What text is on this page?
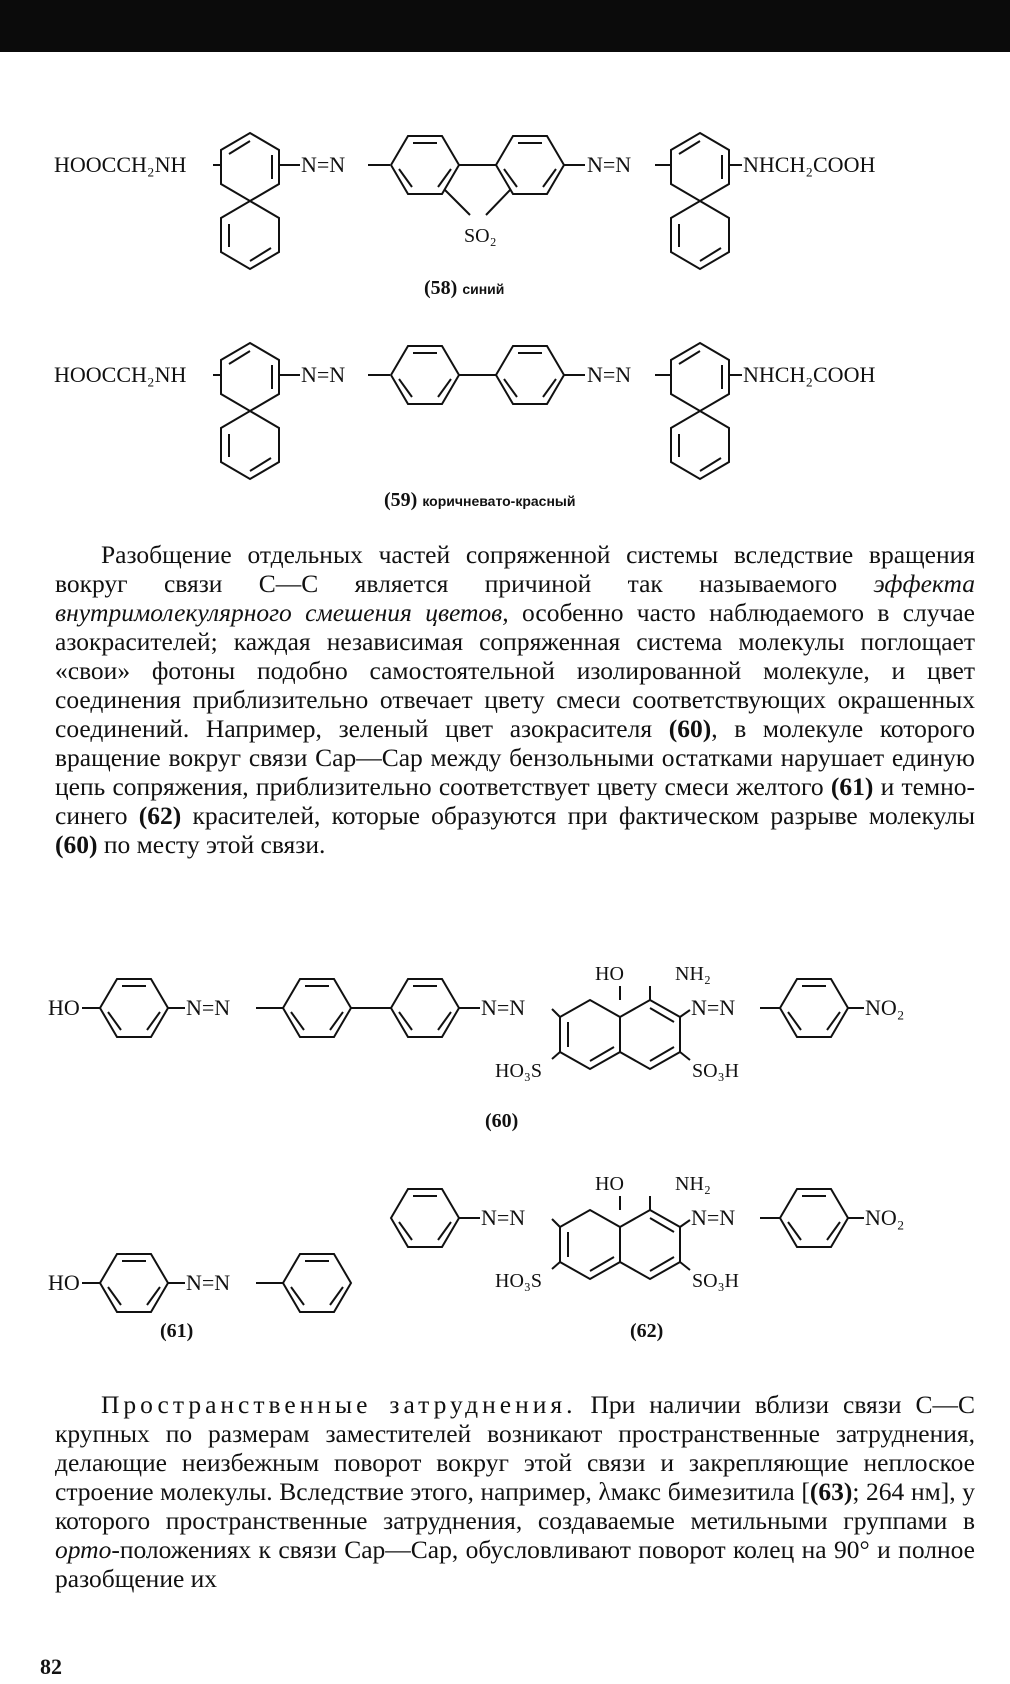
HOOCCH₂NH	N=N
SO₂
N=N	NHCH₂COOH
(58) синий
HOOCCH₂NH	N=N	N=N	NHCH₂COOH
(59) коричневато-красный

Разобщение отдельных частей сопряженной системы вследствие вращения вокруг связи С—С является причиной так называемого эффекта внутримолекулярного смешения цветов, особенно часто наблюдаемого в случае азокрасителей; каждая независимая сопряженная система молекулы поглощает «свои» фотоны подобно самостоятельной изолированной молекуле, и цвет соединения приблизительно отвечает цвету смеси соответствующих окрашенных соединений. Например, зеленый цвет азокрасителя (60), в молекуле которого вращение вокруг связи Cар—Cар между бензольными остатками нарушает единую цепь сопряжения, приблизительно соответствует цвету смеси желтого (61) и темно-синего (62) красителей, которые образуются при фактическом разрыве молекулы (60) по месту этой связи.

HO	N=N	N=N
HO	NH₂
N=N	NO₂
HO₃S	SO₃H
(60)
HO	NH₂
N=N	N=N	NO₂
HO₃S	SO₃H
HO	N=N
(61)	(62)

Пространственные затруднения. При наличии вблизи связи С—С крупных по размерам заместителей возникают пространственные затруднения, делающие неизбежным поворот вокруг этой связи и закрепляющие неплоское строение молекулы. Вследствие этого, например, λмакс бимезитила [(63); 264 нм], у которого пространственные затруднения, создаваемые метильными группами в орто-положениях к связи Cар—Cар, обусловливают поворот колец на 90° и полное разобщение их

82
